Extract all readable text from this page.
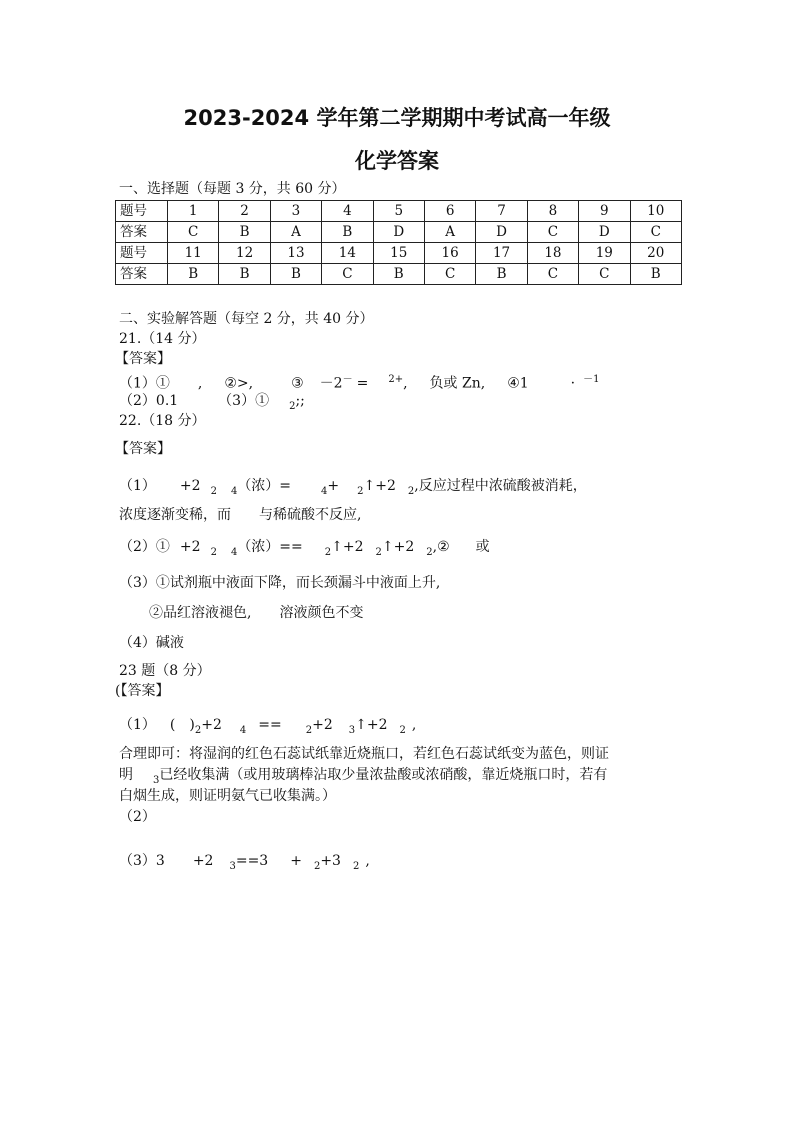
2023-2024 学年第二学期期中考试高一年级
化学答案
一、选择题（每题 3 分，共 60 分）
题号	1	2	3	4	5	6	7	8	9	10
答案	C	B	A	B	D	A	D	C	D	C
题号	11	12	13	14	15	16	17	18	19	20
答案	B	B	B	C	B	C	B	C	C	B
二、实验解答题（每空 2 分，共 40 分）
21.（14 分）
【答案】
（1）① , ②>,	③ －2－ = $^{2+}$, 负或 Zn, ④1	· $^{-1}$
（2）0.1	（3）① $_2$;;
22.（18 分）
【答案】
（1） +2 $_2$ $_4$（浓）=	$_4$+ $_2$↑+2 $_2$,反应过程中浓硫酸被消耗，
浓度逐渐变稀，而　　与稀硫酸不反应,
（2）① +2 $_2$ $_4$（浓）== $_2$↑+2 $_2$↑+2 $_2$,② 或
（3）①试剂瓶中液面下降，而长颈漏斗中液面上升,
②品红溶液褪色,　　溶液颜色不变
（4）碱液
23 题（8 分）
(【答案】
（1） ( )$_2+2$ $_4$ == $_2$+2 $_3$↑+2 $_2$ ,
合理即可：将湿润的红色石蕊试纸靠近烧瓶口，若红色石蕊试纸变为蓝色，则证
明 $_3$已经收集满（或用玻璃棒沾取少量浓盐酸或浓硝酸，靠近烧瓶口时，若有
白烟生成，则证明氨气已收集满。）
（2）
（3）3 +2 $_3$==3 + $_2$+3 $_2$ ,
